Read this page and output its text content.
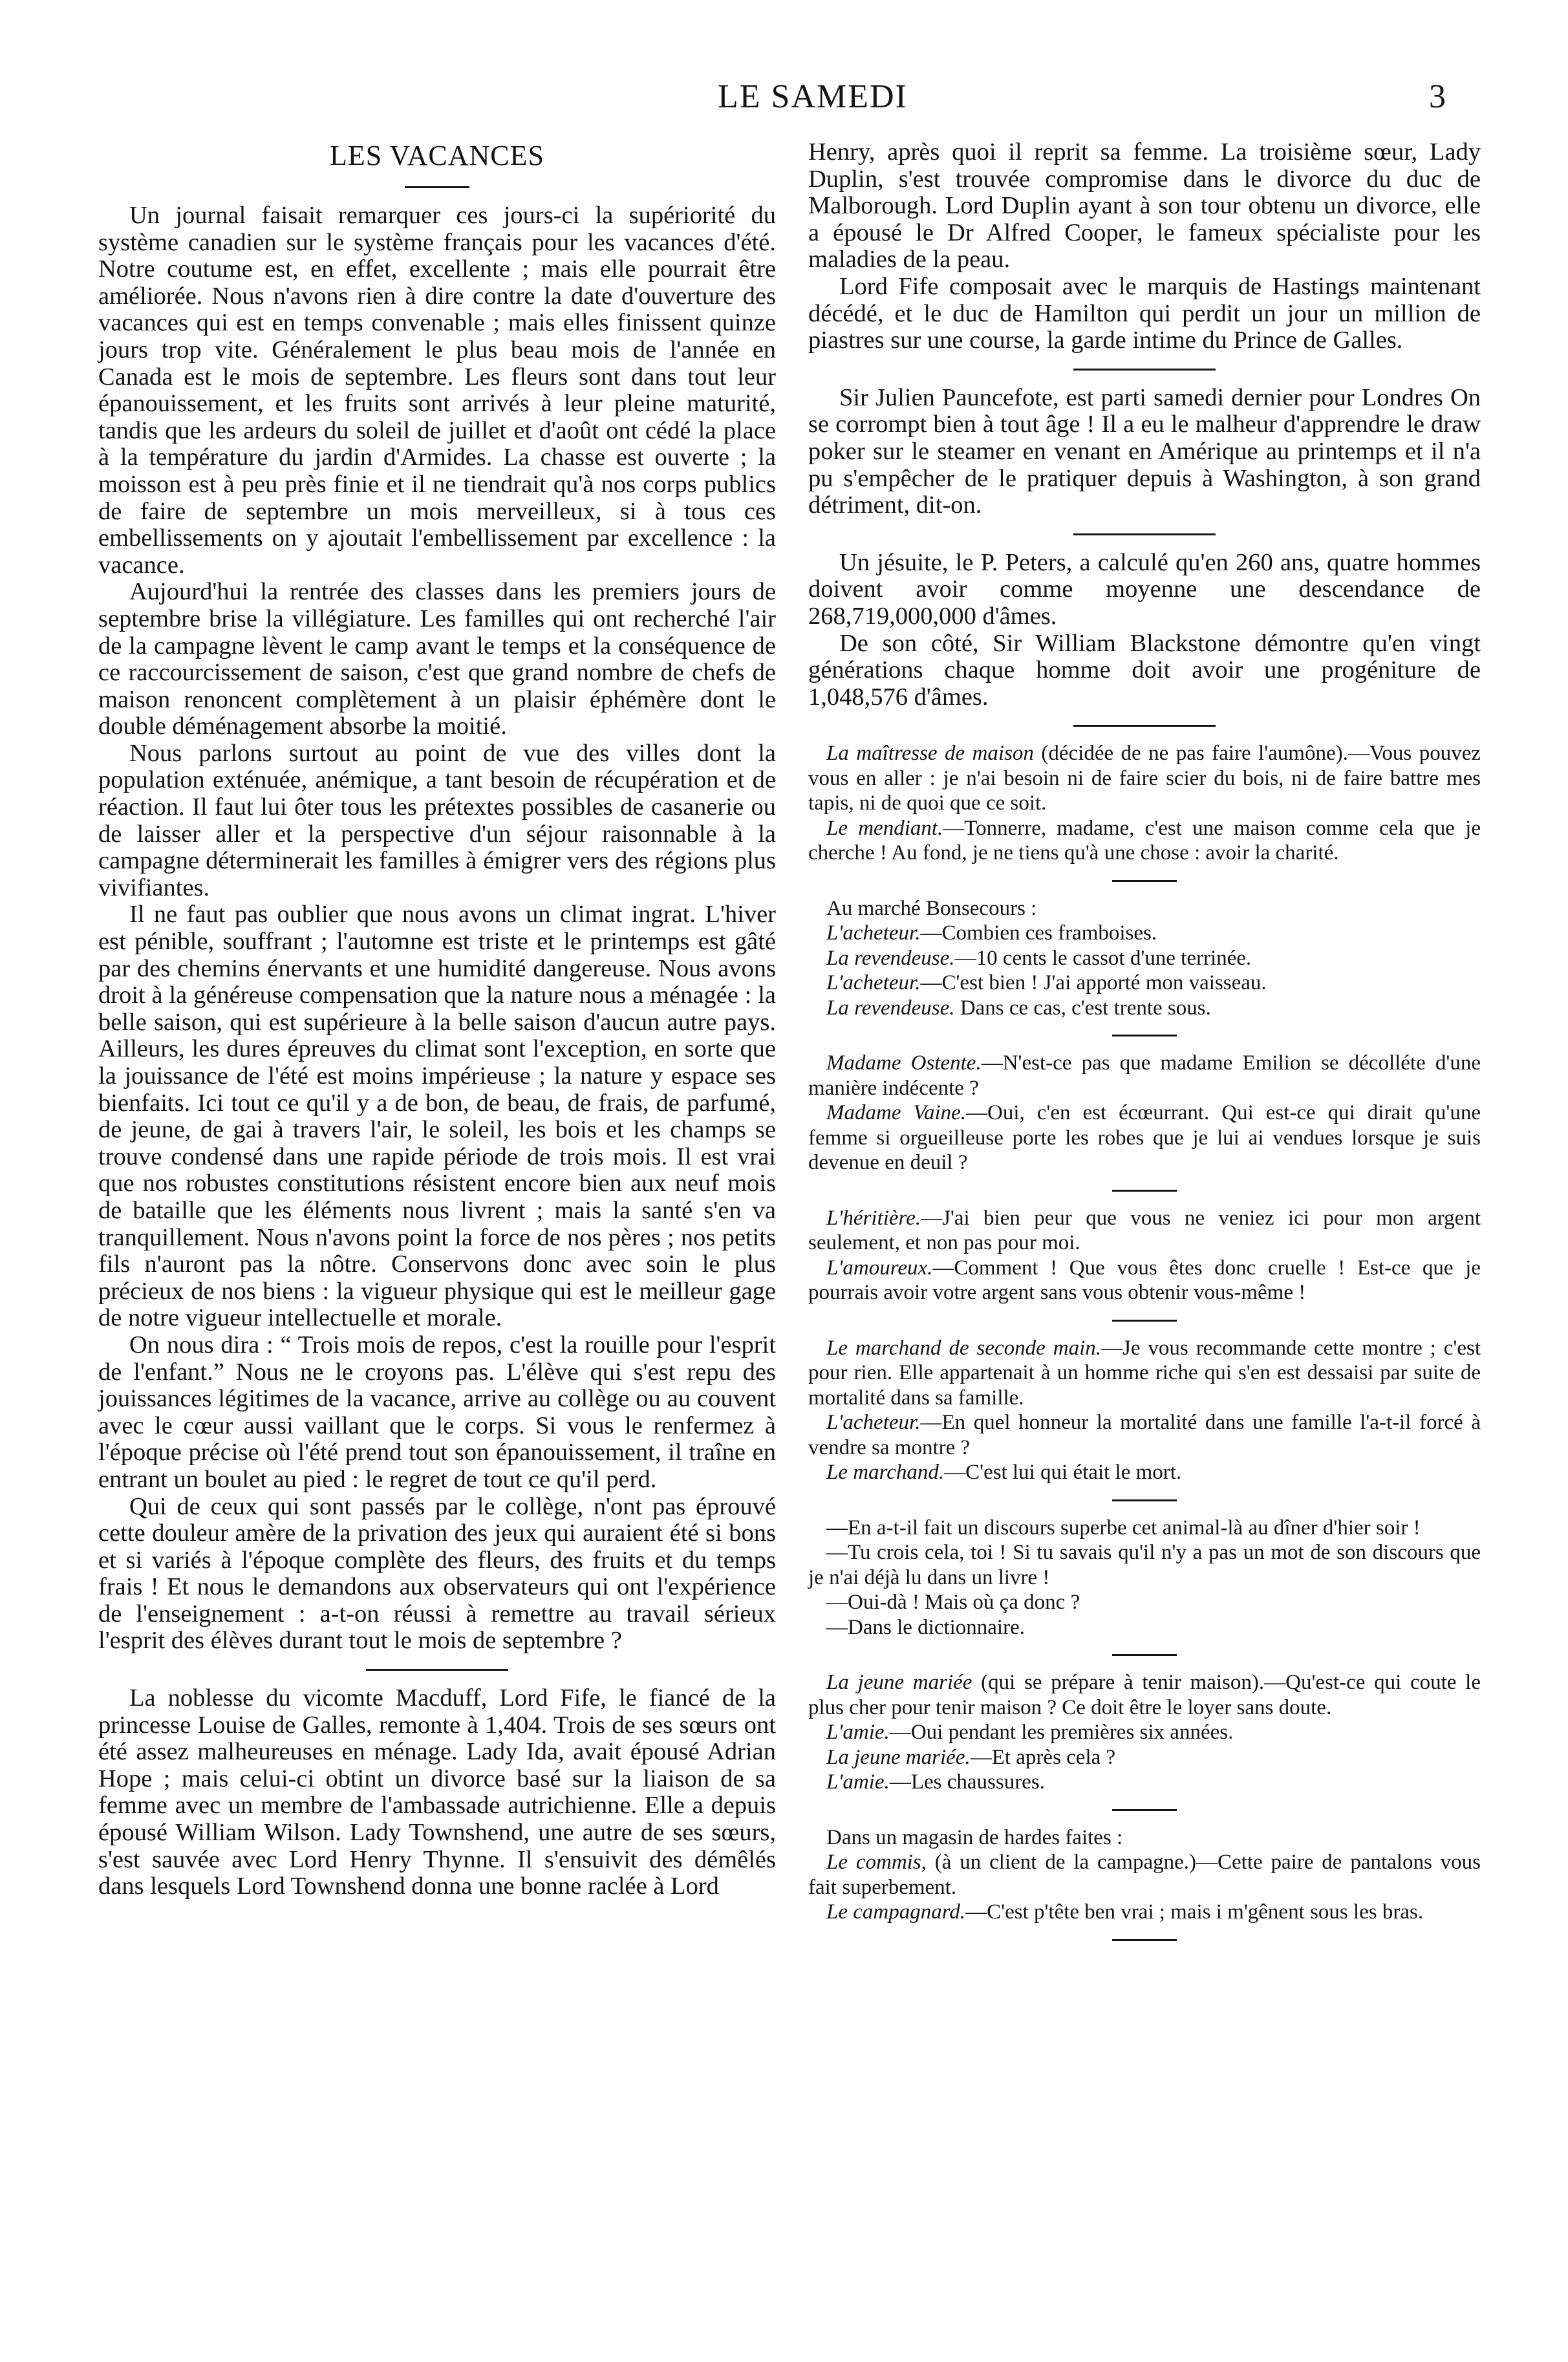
LE SAMEDI	3
LES VACANCES

Un journal faisait remarquer ces jours-ci la supériorité du système canadien sur le système français pour les vacances d'été. Notre coutume est, en effet, excellente ; mais elle pourrait être améliorée. Nous n'avons rien à dire contre la date d'ouverture des vacances qui est en temps convenable ; mais elles finissent quinze jours trop vite. Généralement le plus beau mois de l'année en Canada est le mois de septembre. Les fleurs sont dans tout leur épanouissement, et les fruits sont arrivés à leur pleine maturité, tandis que les ardeurs du soleil de juillet et d'août ont cédé la place à la température du jardin d'Armides. La chasse est ouverte ; la moisson est à peu près finie et il ne tiendrait qu'à nos corps publics de faire de septembre un mois merveilleux, si à tous ces embellissements on y ajoutait l'embellissement par excellence : la vacance.

Aujourd'hui la rentrée des classes dans les premiers jours de septembre brise la villégiature. Les familles qui ont recherché l'air de la campagne lèvent le camp avant le temps et la conséquence de ce raccourcissement de saison, c'est que grand nombre de chefs de maison renoncent complètement à un plaisir éphémère dont le double déménagement absorbe la moitié.

Nous parlons surtout au point de vue des villes dont la population exténuée, anémique, a tant besoin de récupération et de réaction. Il faut lui ôter tous les prétextes possibles de casanerie ou de laisser aller et la perspective d'un séjour raisonnable à la campagne déterminerait les familles à émigrer vers des régions plus vivifiantes.

Il ne faut pas oublier que nous avons un climat ingrat. L'hiver est pénible, souffrant ; l'automne est triste et le printemps est gâté par des chemins énervants et une humidité dangereuse. Nous avons droit à la généreuse compensation que la nature nous a ménagée : la belle saison, qui est supérieure à la belle saison d'aucun autre pays. Ailleurs, les dures épreuves du climat sont l'exception, en sorte que la jouissance de l'été est moins impérieuse ; la nature y espace ses bienfaits. Ici tout ce qu'il y a de bon, de beau, de frais, de parfumé, de jeune, de gai à travers l'air, le soleil, les bois et les champs se trouve condensé dans une rapide période de trois mois. Il est vrai que nos robustes constitutions résistent encore bien aux neuf mois de bataille que les éléments nous livrent ; mais la santé s'en va tranquillement. Nous n'avons point la force de nos pères ; nos petits fils n'auront pas la nôtre. Conservons donc avec soin le plus précieux de nos biens : la vigueur physique qui est le meilleur gage de notre vigueur intellectuelle et morale.

On nous dira : “ Trois mois de repos, c'est la rouille pour l'esprit de l'enfant.” Nous ne le croyons pas. L'élève qui s'est repu des jouissances légitimes de la vacance, arrive au collège ou au couvent avec le cœur aussi vaillant que le corps. Si vous le renfermez à l'époque précise où l'été prend tout son épanouissement, il traîne en entrant un boulet au pied : le regret de tout ce qu'il perd.

Qui de ceux qui sont passés par le collège, n'ont pas éprouvé cette douleur amère de la privation des jeux qui auraient été si bons et si variés à l'époque complète des fleurs, des fruits et du temps frais ! Et nous le demandons aux observateurs qui ont l'expérience de l'enseignement : a-t-on réussi à remettre au travail sérieux l'esprit des élèves durant tout le mois de septembre ?

La noblesse du vicomte Macduff, Lord Fife, le fiancé de la princesse Louise de Galles, remonte à 1,404. Trois de ses sœurs ont été assez malheureuses en ménage. Lady Ida, avait épousé Adrian Hope ; mais celui-ci obtint un divorce basé sur la liaison de sa femme avec un membre de l'ambassade autrichienne. Elle a depuis épousé William Wilson. Lady Townshend, une autre de ses sœurs, s'est sauvée avec Lord Henry Thynne. Il s'ensuivit des démêlés dans lesquels Lord Townshend donna une bonne raclée à Lord

Henry, après quoi il reprit sa femme. La troisième sœur, Lady Duplin, s'est trouvée compromise dans le divorce du duc de Malborough. Lord Duplin ayant à son tour obtenu un divorce, elle a épousé le Dr Alfred Cooper, le fameux spécialiste pour les maladies de la peau.

Lord Fife composait avec le marquis de Hastings maintenant décédé, et le duc de Hamilton qui perdit un jour un million de piastres sur une course, la garde intime du Prince de Galles.

Sir Julien Pauncefote, est parti samedi dernier pour Londres On se corrompt bien à tout âge ! Il a eu le malheur d'apprendre le draw poker sur le steamer en venant en Amérique au printemps et il n'a pu s'empêcher de le pratiquer depuis à Washington, à son grand détriment, dit-on.

Un jésuite, le P. Peters, a calculé qu'en 260 ans, quatre hommes doivent avoir comme moyenne une descendance de 268,719,000,000 d'âmes.

De son côté, Sir William Blackstone démontre qu'en vingt générations chaque homme doit avoir une progéniture de 1,048,576 d'âmes.

La maîtresse de maison (décidée de ne pas faire l'aumône).—Vous pouvez vous en aller : je n'ai besoin ni de faire scier du bois, ni de faire battre mes tapis, ni de quoi que ce soit.

Le mendiant.—Tonnerre, madame, c'est une maison comme cela que je cherche ! Au fond, je ne tiens qu'à une chose : avoir la charité.

Au marché Bonsecours :

L'acheteur.—Combien ces framboises.

La revendeuse.—10 cents le cassot d'une terrinée.

L'acheteur.—C'est bien ! J'ai apporté mon vaisseau.

La revendeuse. Dans ce cas, c'est trente sous.

Madame Ostente.—N'est-ce pas que madame Emilion se décolléte d'une manière indécente ?

Madame Vaine.—Oui, c'en est écœurrant. Qui est-ce qui dirait qu'une femme si orgueilleuse porte les robes que je lui ai vendues lorsque je suis devenue en deuil ?

L'héritière.—J'ai bien peur que vous ne veniez ici pour mon argent seulement, et non pas pour moi.

L'amoureux.—Comment ! Que vous êtes donc cruelle ! Est-ce que je pourrais avoir votre argent sans vous obtenir vous-même !

Le marchand de seconde main.—Je vous recommande cette montre ; c'est pour rien. Elle appartenait à un homme riche qui s'en est dessaisi par suite de mortalité dans sa famille.

L'acheteur.—En quel honneur la mortalité dans une famille l'a-t-il forcé à vendre sa montre ?

Le marchand.—C'est lui qui était le mort.

—En a-t-il fait un discours superbe cet animal-là au dîner d'hier soir !

—Tu crois cela, toi ! Si tu savais qu'il n'y a pas un mot de son discours que je n'ai déjà lu dans un livre !

—Oui-dà ! Mais où ça donc ?

—Dans le dictionnaire.

La jeune mariée (qui se prépare à tenir maison).—Qu'est-ce qui coute le plus cher pour tenir maison ? Ce doit être le loyer sans doute.

L'amie.—Oui pendant les premières six années.

La jeune mariée.—Et après cela ?

L'amie.—Les chaussures.

Dans un magasin de hardes faites :

Le commis, (à un client de la campagne.)—Cette paire de pantalons vous fait superbement.

Le campagnard.—C'est p'tête ben vrai ; mais i m'gênent sous les bras.
